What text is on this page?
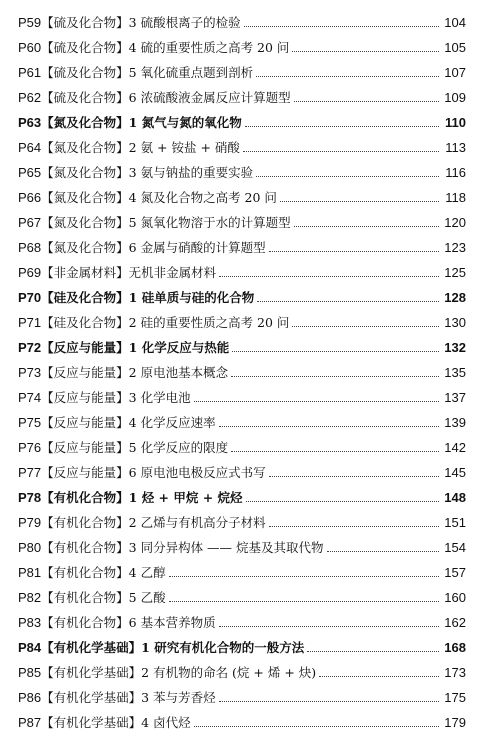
P59 【硫及化合物】 3 硫酸根离子的检验	104
P60 【硫及化合物】 4 硫的重要性质之高考 20 问	105
P61 【硫及化合物】 5 氧化硫重点题到剖析	107
P62 【硫及化合物】 6 浓硫酸液金属反应计算题型	109
P63 【氮及化合物】 1 氮气与氮的氧化物	110
P64 【氮及化合物】 2 氨 + 铵盐 + 硝酸	113
P65 【氮及化合物】 3 氨与钠盐的重要实验	116
P66 【氮及化合物】 4 氮及化合物之高考 20 问	118
P67 【氮及化合物】 5 氮氧化物溶于水的计算题型	120
P68 【氮及化合物】 6 金属与硝酸的计算题型	123
P69 【非金属材料】 无机非金属材料	125
P70 【硅及化合物】 1 硅单质与硅的化合物	128
P71 【硅及化合物】 2 硅的重要性质之高考 20 问	130
P72 【反应与能量】 1 化学反应与热能	132
P73 【反应与能量】 2 原电池基本概念	135
P74 【反应与能量】 3 化学电池	137
P75 【反应与能量】 4 化学反应速率	139
P76 【反应与能量】 5 化学反应的限度	142
P77 【反应与能量】 6 原电池电极反应式书写	145
P78 【有机化合物】 1 烃 + 甲烷 + 烷烃	148
P79 【有机化合物】 2 乙烯与有机高分子材料	151
P80 【有机化合物】 3 同分异构体 —— 烷基及其取代物	154
P81 【有机化合物】 4 乙醇	157
P82 【有机化合物】 5 乙酸	160
P83 【有机化合物】 6 基本营养物质	162
P84 【有机化学基础】 1 研究有机化合物的一般方法	168
P85 【有机化学基础】 2 有机物的命名 (烷 + 烯 + 炔)	173
P86 【有机化学基础】 3 苯与芳香烃	175
P87 【有机化学基础】 4 卤代烃	179
